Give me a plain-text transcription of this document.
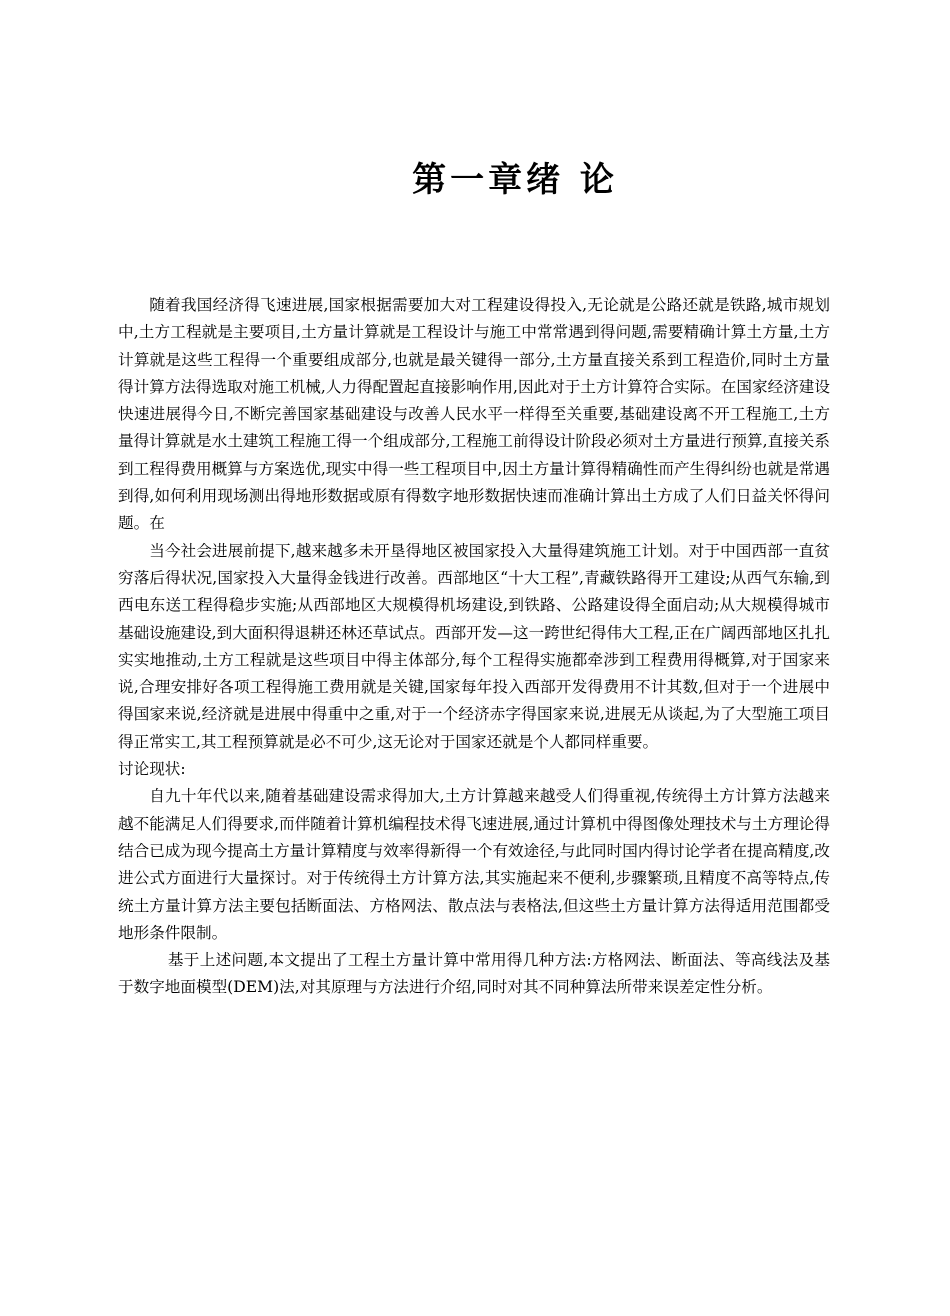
第一章绪 论

随着我国经济得飞速进展,国家根据需要加大对工程建设得投入,无论就是公路还就是铁路,城市规划中,土方工程就是主要项目,土方量计算就是工程设计与施工中常常遇到得问题,需要精确计算土方量,土方计算就是这些工程得一个重要组成部分,也就是最关键得一部分,土方量直接关系到工程造价,同时土方量得计算方法得选取对施工机械,人力得配置起直接影响作用,因此对于土方计算符合实际。在国家经济建设快速进展得今日,不断完善国家基础建设与改善人民水平一样得至关重要,基础建设离不开工程施工,土方量得计算就是水土建筑工程施工得一个组成部分,工程施工前得设计阶段必须对土方量进行预算,直接关系到工程得费用概算与方案选优,现实中得一些工程项目中,因土方量计算得精确性而产生得纠纷也就是常遇到得,如何利用现场测出得地形数据或原有得数字地形数据快速而准确计算出土方成了人们日益关怀得问题。在

当今社会进展前提下,越来越多未开垦得地区被国家投入大量得建筑施工计划。对于中国西部一直贫穷落后得状况,国家投入大量得金钱进行改善。西部地区“十大工程”,青藏铁路得开工建设;从西气东输,到西电东送工程得稳步实施;从西部地区大规模得机场建设,到铁路、公路建设得全面启动;从大规模得城市基础设施建设,到大面积得退耕还林还草试点。西部开发—这一跨世纪得伟大工程,正在广阔西部地区扎扎实实地推动,土方工程就是这些项目中得主体部分,每个工程得实施都牵涉到工程费用得概算,对于国家来说,合理安排好各项工程得施工费用就是关键,国家每年投入西部开发得费用不计其数,但对于一个进展中得国家来说,经济就是进展中得重中之重,对于一个经济赤字得国家来说,进展无从谈起,为了大型施工项目得正常实工,其工程预算就是必不可少,这无论对于国家还就是个人都同样重要。

讨论现状:

自九十年代以来,随着基础建设需求得加大,土方计算越来越受人们得重视,传统得土方计算方法越来越不能满足人们得要求,而伴随着计算机编程技术得飞速进展,通过计算机中得图像处理技术与土方理论得结合已成为现今提高土方量计算精度与效率得新得一个有效途径,与此同时国内得讨论学者在提高精度,改进公式方面进行大量探讨。对于传统得土方计算方法,其实施起来不便利,步骤繁琐,且精度不高等特点,传统土方量计算方法主要包括断面法、方格网法、散点法与表格法,但这些土方量计算方法得适用范围都受地形条件限制。

基于上述问题,本文提出了工程土方量计算中常用得几种方法:方格网法、断面法、等高线法及基于数字地面模型(DEM)法,对其原理与方法进行介绍,同时对其不同种算法所带来误差定性分析。
